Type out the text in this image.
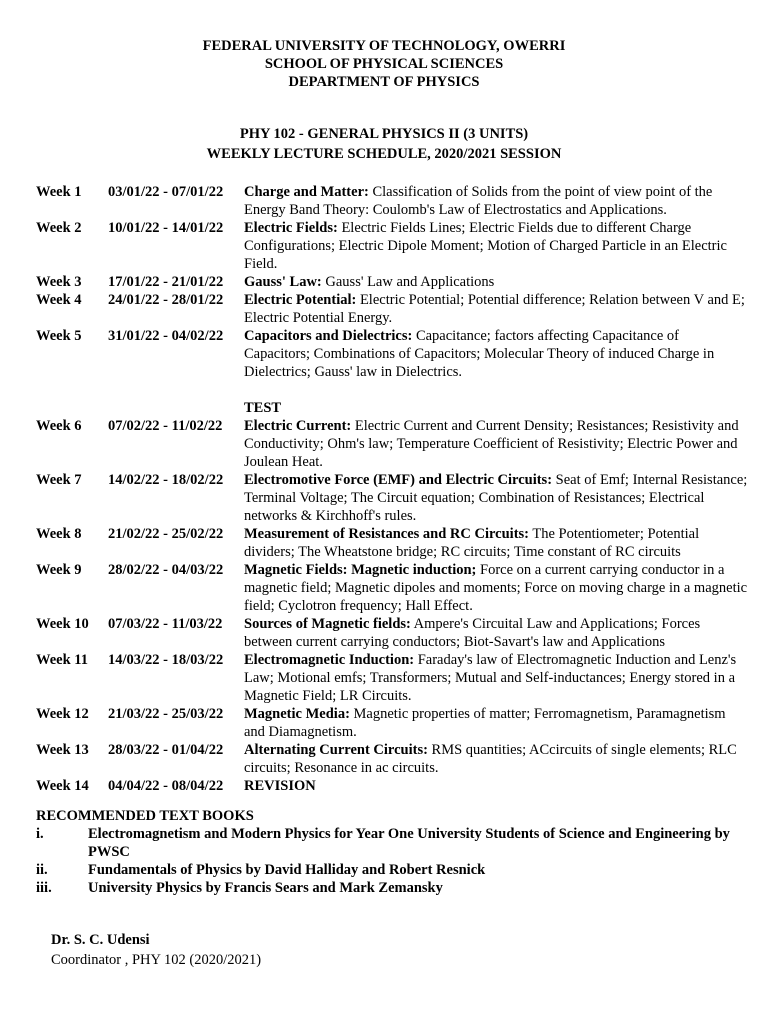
FEDERAL UNIVERSITY OF TECHNOLOGY, OWERRI
SCHOOL OF PHYSICAL SCIENCES
DEPARTMENT OF PHYSICS
PHY 102 - GENERAL PHYSICS II (3 UNITS)
WEEKLY LECTURE SCHEDULE, 2020/2021 SESSION
Week 1	03/01/22 - 07/01/22	Charge and Matter: Classification of Solids from the point of view point of the Energy Band Theory: Coulomb's Law of Electrostatics and Applications.
Week 2	10/01/22 - 14/01/22	Electric Fields: Electric Fields Lines; Electric Fields due to different Charge Configurations; Electric Dipole Moment; Motion of Charged Particle in an Electric Field.
Week 3	17/01/22 - 21/01/22	Gauss' Law: Gauss' Law and Applications
Week 4	24/01/22 - 28/01/22	Electric Potential: Electric Potential; Potential difference; Relation between V and E; Electric Potential Energy.
Week 5	31/01/22 - 04/02/22	Capacitors and Dielectrics: Capacitance; factors affecting Capacitance of Capacitors; Combinations of Capacitors; Molecular Theory of induced Charge in Dielectrics; Gauss' law in Dielectrics.
TEST
Week 6	07/02/22 - 11/02/22	Electric Current: Electric Current and Current Density; Resistances; Resistivity and Conductivity; Ohm's law; Temperature Coefficient of Resistivity; Electric Power and Joulean Heat.
Week 7	14/02/22 - 18/02/22	Electromotive Force (EMF) and Electric Circuits: Seat of Emf; Internal Resistance; Terminal Voltage; The Circuit equation; Combination of Resistances; Electrical networks & Kirchhoff's rules.
Week 8	21/02/22 - 25/02/22	Measurement of Resistances and RC Circuits: The Potentiometer; Potential dividers; The Wheatstone bridge; RC circuits; Time constant of RC circuits
Week 9	28/02/22 - 04/03/22	Magnetic Fields: Magnetic induction; Force on a current carrying conductor in a magnetic field; Magnetic dipoles and moments; Force on moving charge in a magnetic field; Cyclotron frequency; Hall Effect.
Week 10	07/03/22 - 11/03/22	Sources of Magnetic fields: Ampere's Circuital Law and Applications; Forces between current carrying conductors; Biot-Savart's law and Applications
Week 11	14/03/22 - 18/03/22	Electromagnetic Induction: Faraday's law of Electromagnetic Induction and Lenz's Law; Motional emfs; Transformers; Mutual and Self-inductances; Energy stored in a Magnetic Field; LR Circuits.
Week 12	21/03/22 - 25/03/22	Magnetic Media: Magnetic properties of matter; Ferromagnetism, Paramagnetism and Diamagnetism.
Week 13	28/03/22 - 01/04/22	Alternating Current Circuits: RMS quantities; ACcircuits of single elements; RLC circuits; Resonance in ac circuits.
Week 14	04/04/22 - 08/04/22	REVISION
RECOMMENDED TEXT BOOKS
i.	Electromagnetism and Modern Physics for Year One University Students of Science and Engineering by PWSC
ii.	Fundamentals of Physics by David Halliday and Robert Resnick
iii.	University Physics by Francis Sears and Mark Zemansky
Dr. S. C. Udensi
Coordinator , PHY 102 (2020/2021)
